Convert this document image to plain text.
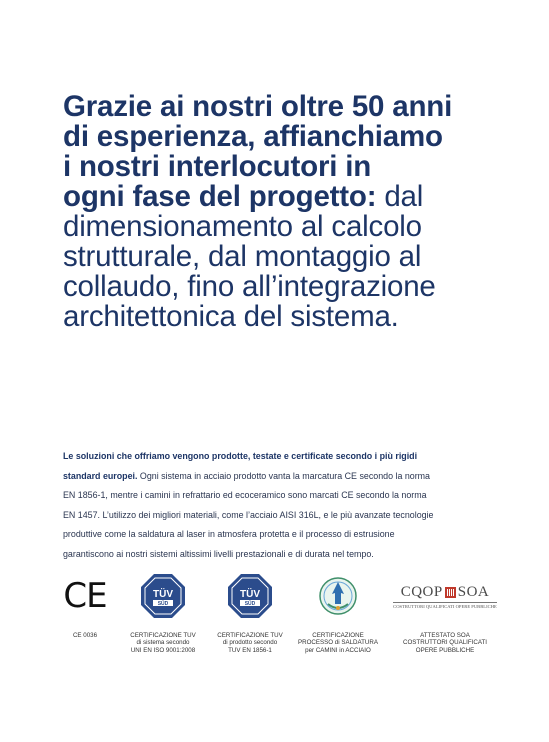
Grazie ai nostri oltre 50 anni
di esperienza, affianchiamo
i nostri interlocutori in
ogni fase del progetto: dal
dimensionamento al calcolo
strutturale, dal montaggio al
collaudo, fino all’integrazione
architettonica del sistema.
Le soluzioni che offriamo vengono prodotte, testate e certificate secondo i più rigidi
standard europei. Ogni sistema in acciaio prodotto vanta la marcatura CE secondo la norma
EN 1856-1, mentre i camini in refrattario ed ecoceramico sono marcati CE secondo la norma
EN 1457. L’utilizzo dei migliori materiali, come l’acciaio AISI 316L, e le più avanzate tecnologie
produttive come la saldatura al laser in atmosfera protetta e il processo di estrusione
garantiscono ai nostri sistemi altissimi livelli prestazionali e di durata nel tempo.
CE
CE 0036
TÜV
SÜD
CERTIFICAZIONE TUV
di sistema secondo
UNI EN ISO 9001:2008
TÜV
SÜD
CERTIFICAZIONE TUV
di prodotto secondo
TUV EN 1856-1
CERTIFICAZIONE
PROCESSO di SALDATURA
per CAMINI in ACCIAIO
CQOP SOA
COSTRUTTORI QUALIFICATI OPERE PUBBLICHE
ATTESTATO SOA
COSTRUTTORI QUALIFICATI
OPERE PUBBLICHE
